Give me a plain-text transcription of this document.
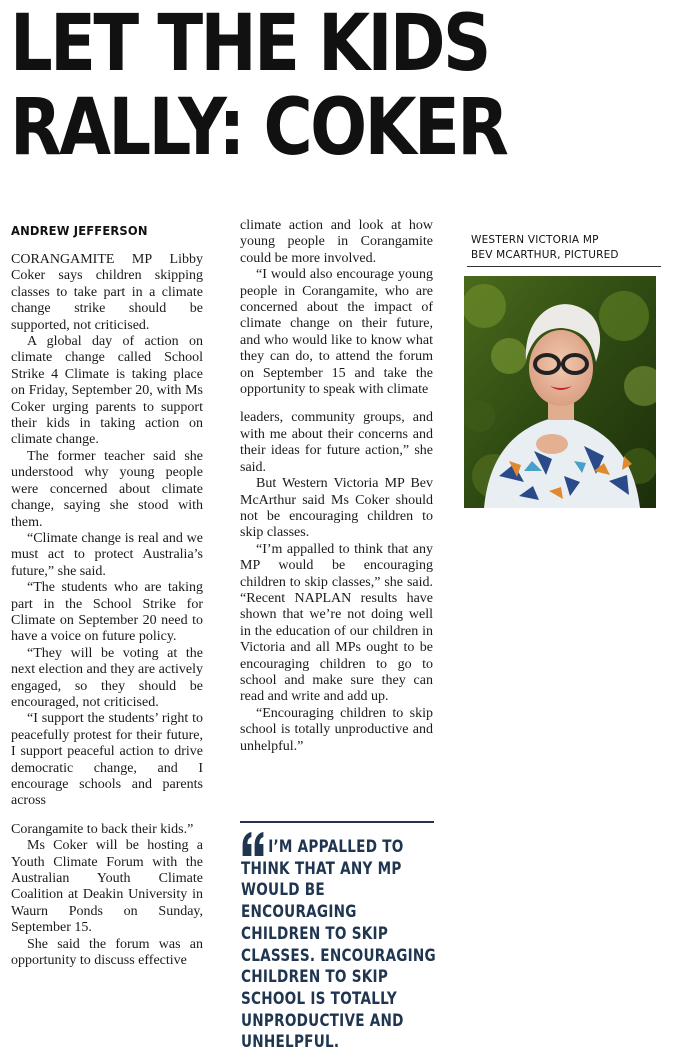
LET THE KIDS
RALLY: COKER
ANDREW JEFFERSON

CORANGAMITE MP Libby Coker says children skipping classes to take part in a climate change strike should be supported, not criticised.

A global day of action on climate change called School Strike 4 Climate is taking place on Friday, September 20, with Ms Coker urging parents to support their kids in taking action on climate change.

The former teacher said she understood why young people were concerned about climate change, saying she stood with them.

“Climate change is real and we must act to protect Australia’s future,” she said.

“The students who are taking part in the School Strike for Climate on September 20 need to have a voice on future policy.

“They will be voting at the next election and they are actively engaged, so they should be encouraged, not criticised.

“I support the students’ right to peacefully protest for their future, I support peaceful action to drive democratic change, and I encourage schools and parents across

Corangamite to back their kids.”

Ms Coker will be hosting a Youth Climate Forum with the Australian Youth Climate Coalition at Deakin University in Waurn Ponds on Sunday, September 15.

She said the forum was an opportunity to discuss effective

climate action and look at how young people in Corangamite could be more involved.

“I would also encourage young people in Corangamite, who are concerned about the impact of climate change on their future, and who would like to know what they can do, to attend the forum on September 15 and take the opportunity to speak with climate

leaders, community groups, and with me about their concerns and their ideas for future action,” she said.

But Western Victoria MP Bev McArthur said Ms Coker should not be encouraging children to skip classes.

“I’m appalled to think that any MP would be encouraging children to skip classes,” she said. “Recent NAPLAN results have shown that we’re not doing well in the education of our children in Victoria and all MPs ought to be encouraging children to go to school and make sure they can read and write and add up.

“Encouraging children to skip school is totally unproductive and unhelpful.”

WESTERN VICTORIA MP
BEV MCARTHUR, PICTURED
I’M APPALLED TO THINK THAT ANY MP WOULD BE ENCOURAGING CHILDREN TO SKIP CLASSES. ENCOURAGING CHILDREN TO SKIP SCHOOL IS TOTALLY UNPRODUCTIVE AND UNHELPFUL.
